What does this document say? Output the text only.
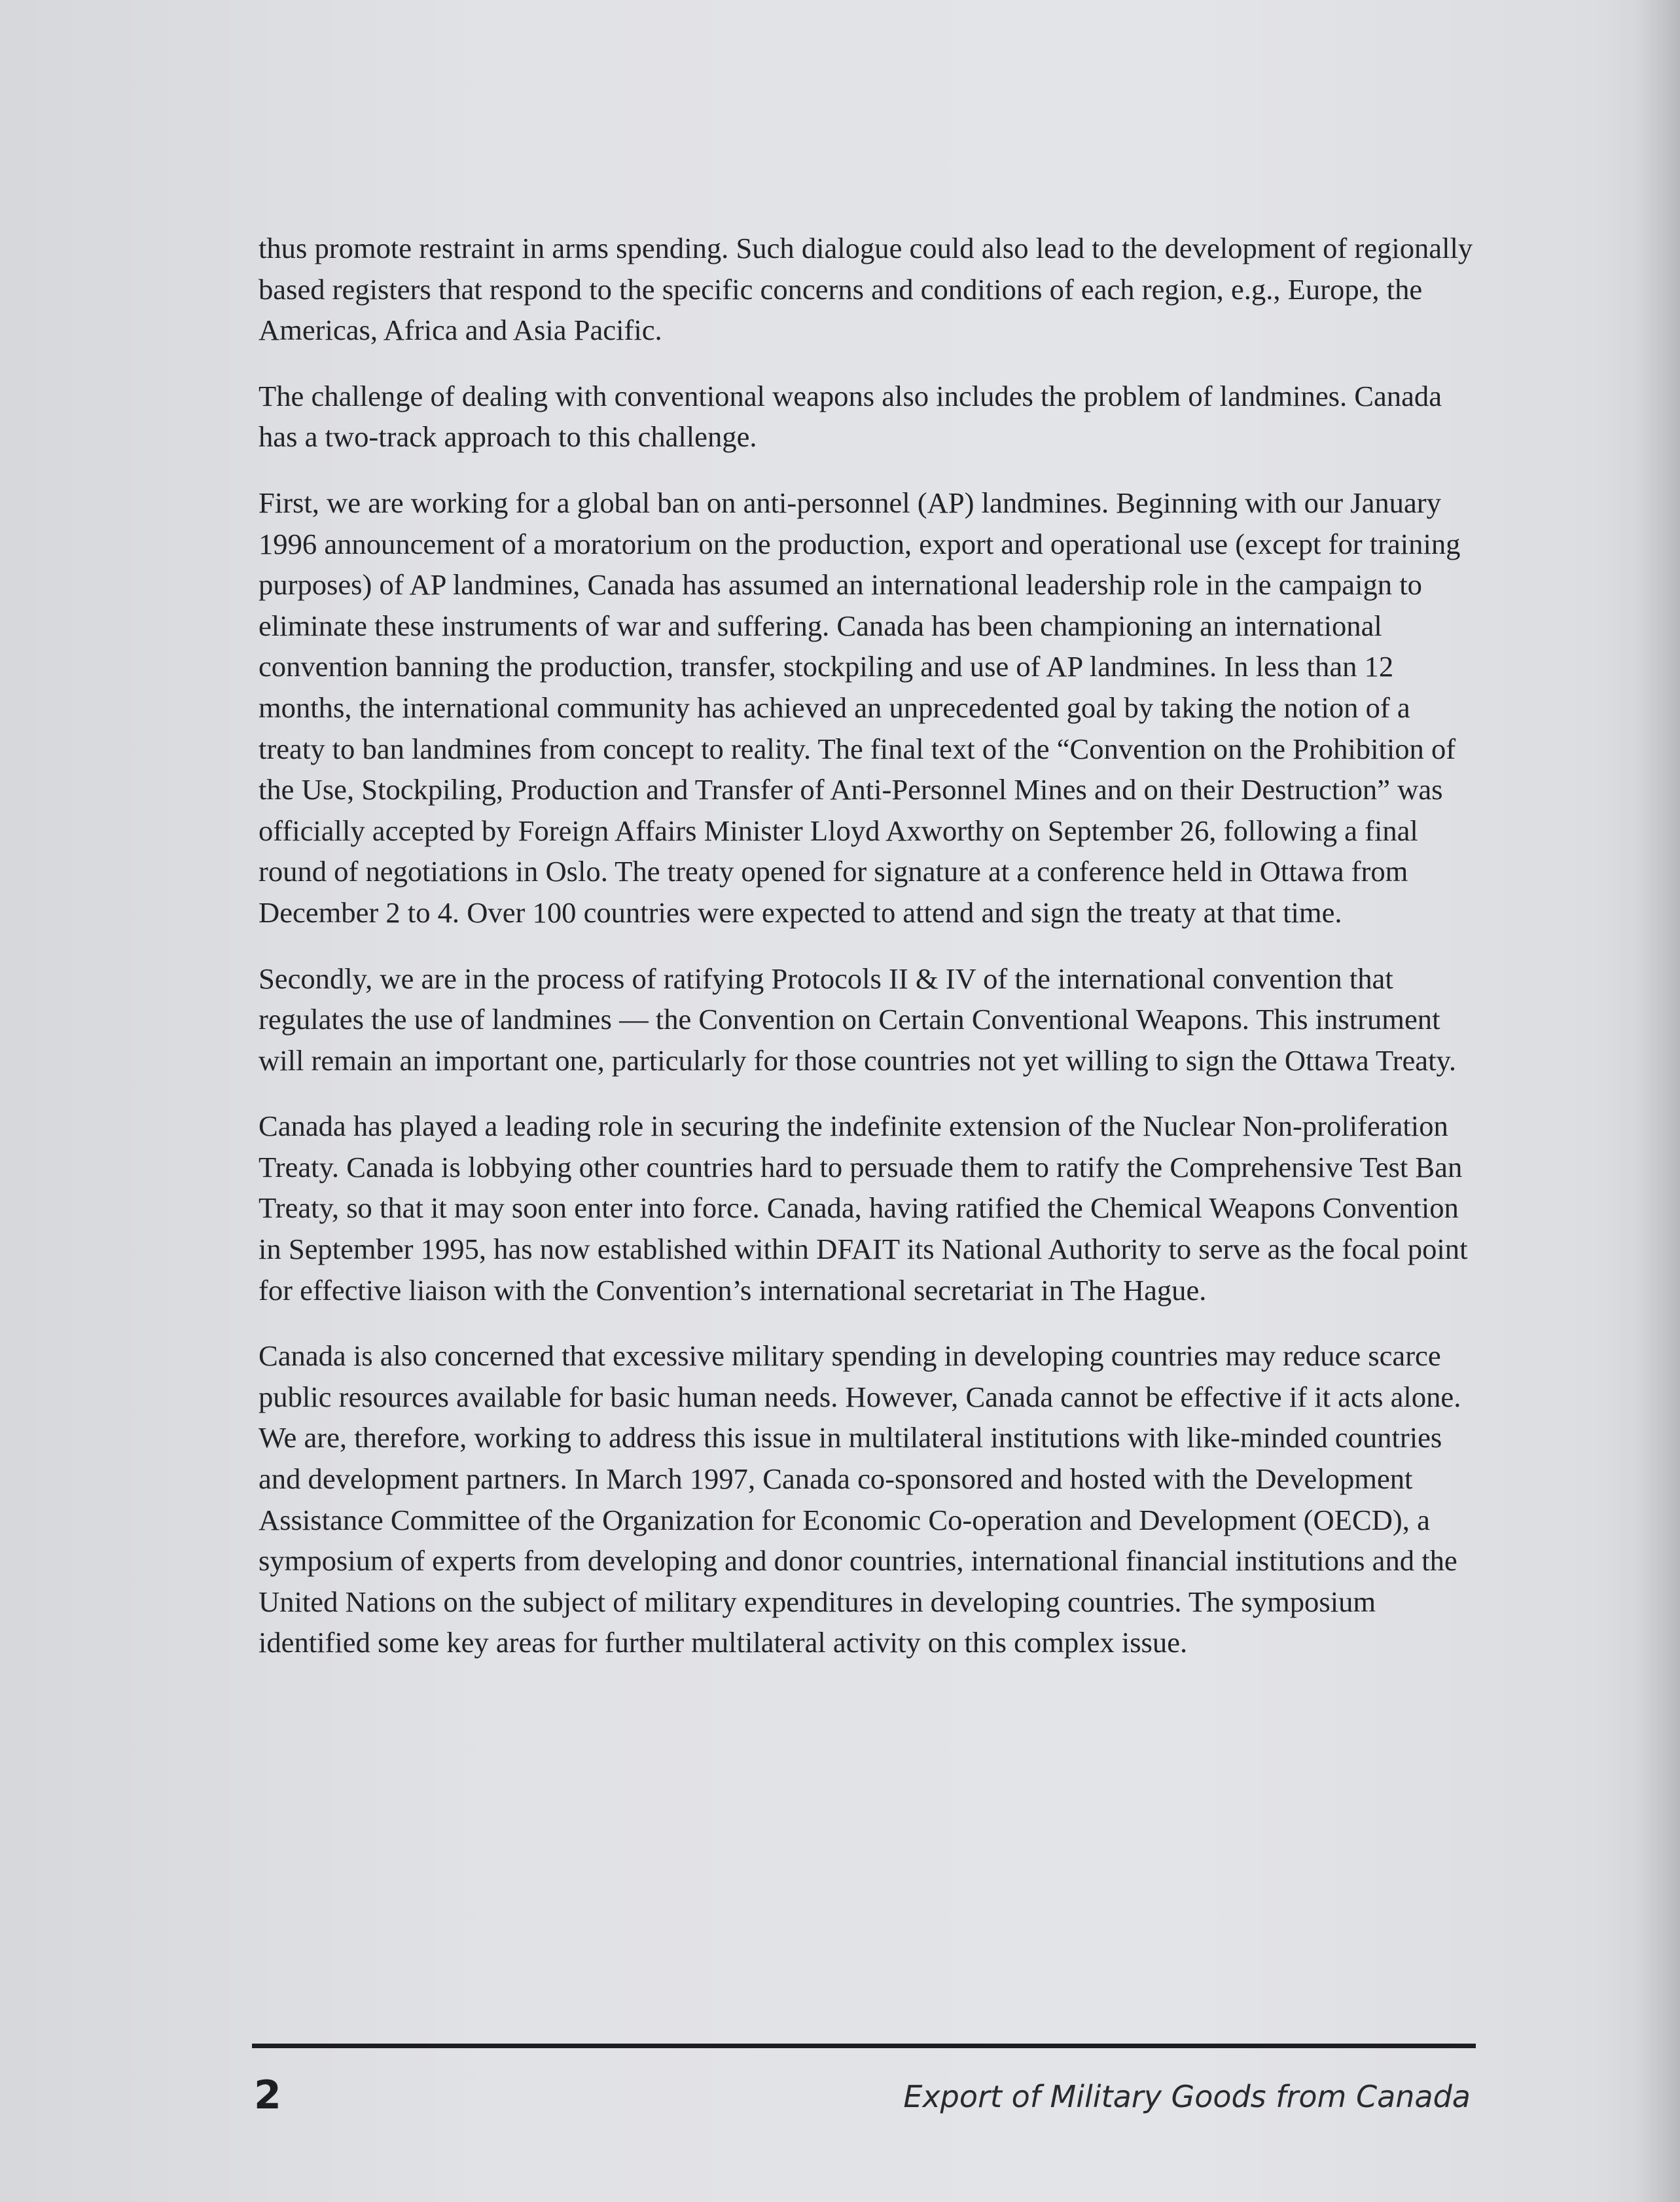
thus promote restraint in arms spending. Such dialogue could also lead to the development of regionally based registers that respond to the specific concerns and conditions of each region, e.g., Europe, the Americas, Africa and Asia Pacific.

The challenge of dealing with conventional weapons also includes the problem of landmines. Canada has a two-track approach to this challenge.

First, we are working for a global ban on anti-personnel (AP) landmines. Beginning with our January 1996 announcement of a moratorium on the production, export and operational use (except for training purposes) of AP landmines, Canada has assumed an international leadership role in the campaign to eliminate these instruments of war and suffering. Canada has been championing an international convention banning the production, transfer, stockpiling and use of AP landmines. In less than 12 months, the international community has achieved an unprecedented goal by taking the notion of a treaty to ban landmines from concept to reality. The final text of the “Convention on the Prohibition of the Use, Stockpiling, Production and Transfer of Anti-Personnel Mines and on their Destruction” was officially accepted by Foreign Affairs Minister Lloyd Axworthy on September 26, following a final round of negotiations in Oslo. The treaty opened for signature at a conference held in Ottawa from December 2 to 4. Over 100 countries were expected to attend and sign the treaty at that time.

Secondly, we are in the process of ratifying Protocols II & IV of the international convention that regulates the use of landmines — the Convention on Certain Conventional Weapons. This instrument will remain an important one, particularly for those countries not yet willing to sign the Ottawa Treaty.

Canada has played a leading role in securing the indefinite extension of the Nuclear Non-proliferation Treaty. Canada is lobbying other countries hard to persuade them to ratify the Comprehensive Test Ban Treaty, so that it may soon enter into force. Canada, having ratified the Chemical Weapons Convention in September 1995, has now established within DFAIT its National Authority to serve as the focal point for effective liaison with the Convention’s international secretariat in The Hague.

Canada is also concerned that excessive military spending in developing countries may reduce scarce public resources available for basic human needs. However, Canada cannot be effective if it acts alone. We are, therefore, working to address this issue in multilateral institutions with like-minded countries and development partners. In March 1997, Canada co-sponsored and hosted with the Development Assistance Committee of the Organization for Economic Co-operation and Development (OECD), a symposium of experts from developing and donor countries, international financial institutions and the United Nations on the subject of military expenditures in developing countries. The symposium identified some key areas for further multilateral activity on this complex issue.

2	Export of Military Goods from Canada
